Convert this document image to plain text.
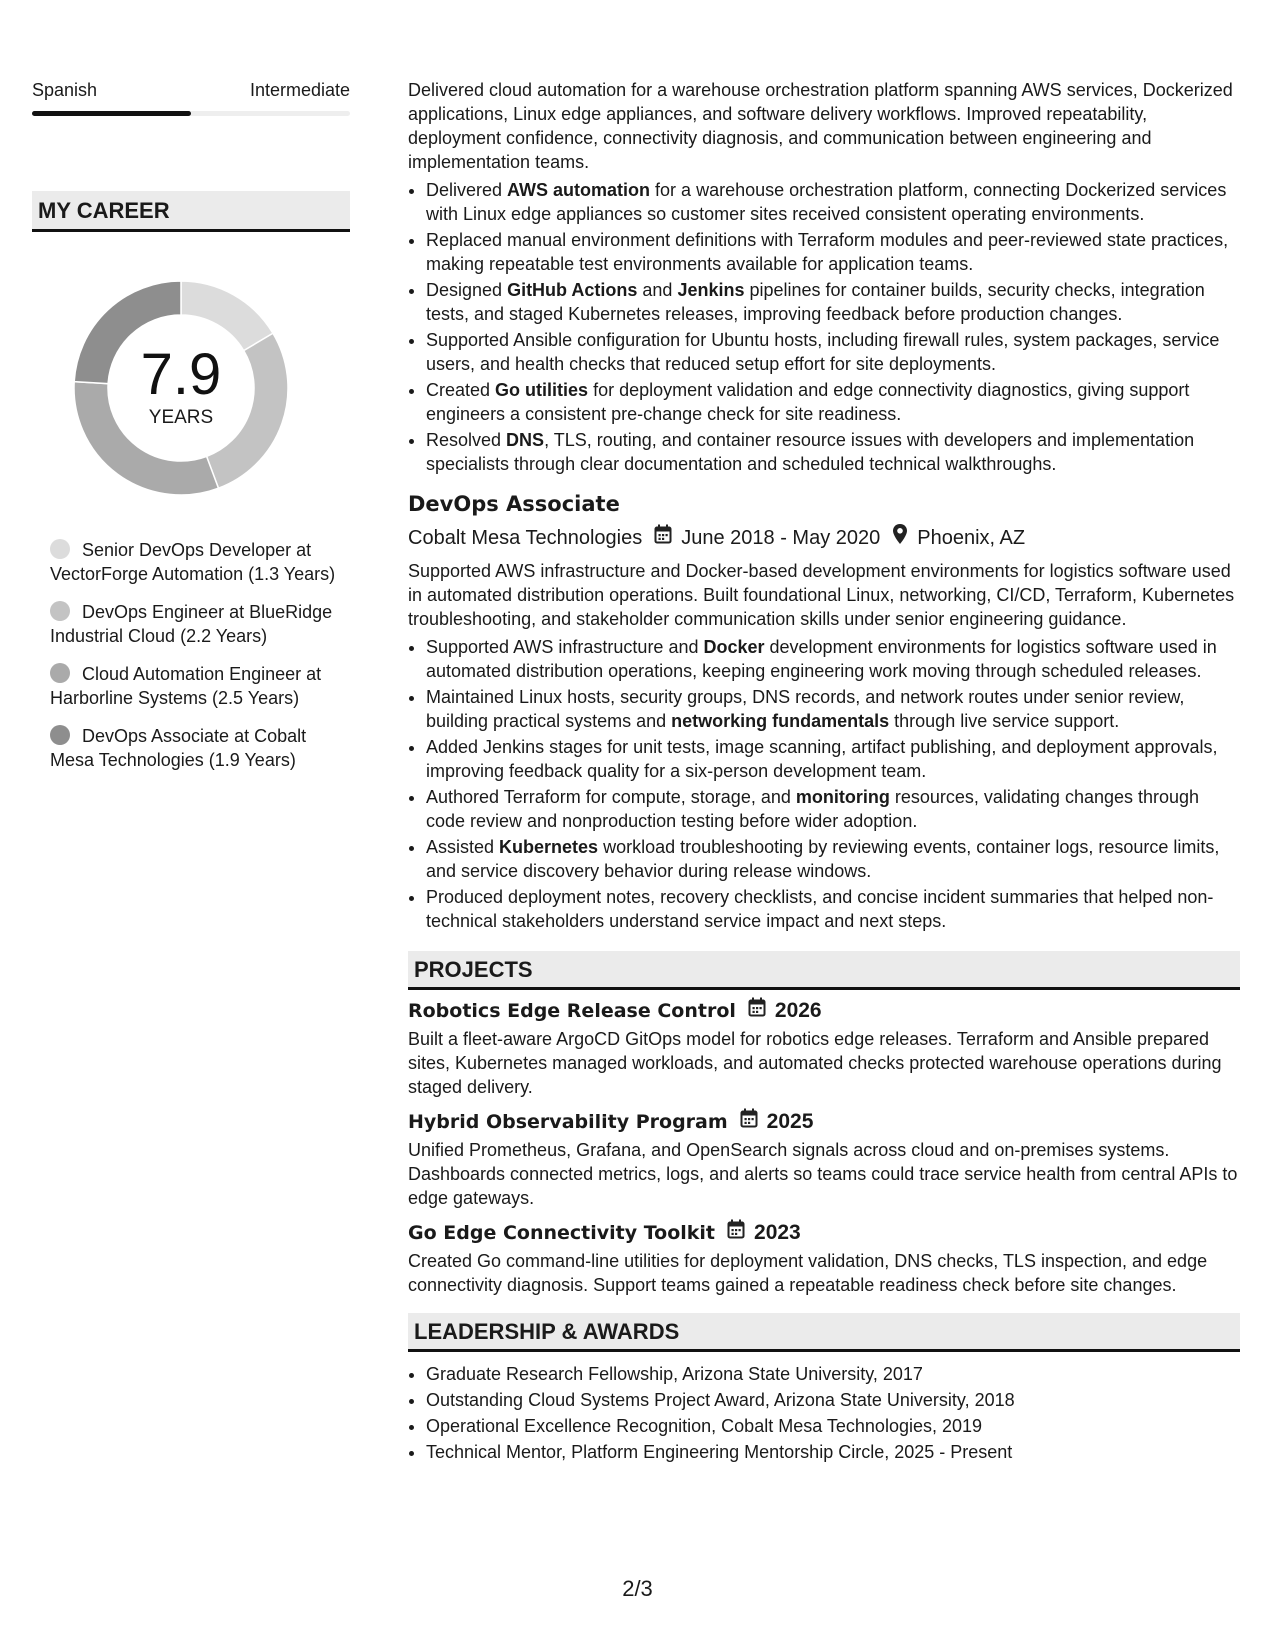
Spanish	Intermediate
MY CAREER
7.9
YEARS
Senior DevOps Developer at VectorForge Automation (1.3 Years)
DevOps Engineer at BlueRidge Industrial Cloud (2.2 Years)
Cloud Automation Engineer at Harborline Systems (2.5 Years)
DevOps Associate at Cobalt Mesa Technologies (1.9 Years)

Delivered cloud automation for a warehouse orchestration platform spanning AWS services, Dockerized applications, Linux edge appliances, and software delivery workflows. Improved repeatability, deployment confidence, connectivity diagnosis, and communication between engineering and implementation teams.

• Delivered AWS automation for a warehouse orchestration platform, connecting Dockerized services with Linux edge appliances so customer sites received consistent operating environments.
• Replaced manual environment definitions with Terraform modules and peer-reviewed state practices, making repeatable test environments available for application teams.
• Designed GitHub Actions and Jenkins pipelines for container builds, security checks, integration tests, and staged Kubernetes releases, improving feedback before production changes.
• Supported Ansible configuration for Ubuntu hosts, including firewall rules, system packages, service users, and health checks that reduced setup effort for site deployments.
• Created Go utilities for deployment validation and edge connectivity diagnostics, giving support engineers a consistent pre-change check for site readiness.
• Resolved DNS, TLS, routing, and container resource issues with developers and implementation specialists through clear documentation and scheduled technical walkthroughs.
DevOps Associate
Cobalt Mesa Technologies June 2018 - May 2020 Phoenix, AZ

Supported AWS infrastructure and Docker-based development environments for logistics software used in automated distribution operations. Built foundational Linux, networking, CI/CD, Terraform, Kubernetes troubleshooting, and stakeholder communication skills under senior engineering guidance.

• Supported AWS infrastructure and Docker development environments for logistics software used in automated distribution operations, keeping engineering work moving through scheduled releases.
• Maintained Linux hosts, security groups, DNS records, and network routes under senior review, building practical systems and networking fundamentals through live service support.
• Added Jenkins stages for unit tests, image scanning, artifact publishing, and deployment approvals, improving feedback quality for a six-person development team.
• Authored Terraform for compute, storage, and monitoring resources, validating changes through code review and nonproduction testing before wider adoption.
• Assisted Kubernetes workload troubleshooting by reviewing events, container logs, resource limits, and service discovery behavior during release windows.
• Produced deployment notes, recovery checklists, and concise incident summaries that helped non-technical stakeholders understand service impact and next steps.
PROJECTS
Robotics Edge Release Control 2026

Built a fleet-aware ArgoCD GitOps model for robotics edge releases. Terraform and Ansible prepared sites, Kubernetes managed workloads, and automated checks protected warehouse operations during staged delivery.

Hybrid Observability Program 2025

Unified Prometheus, Grafana, and OpenSearch signals across cloud and on-premises systems. Dashboards connected metrics, logs, and alerts so teams could trace service health from central APIs to edge gateways.

Go Edge Connectivity Toolkit 2023

Created Go command-line utilities for deployment validation, DNS checks, TLS inspection, and edge connectivity diagnosis. Support teams gained a repeatable readiness check before site changes.

LEADERSHIP & AWARDS
• Graduate Research Fellowship, Arizona State University, 2017
• Outstanding Cloud Systems Project Award, Arizona State University, 2018
• Operational Excellence Recognition, Cobalt Mesa Technologies, 2019
• Technical Mentor, Platform Engineering Mentorship Circle, 2025 - Present
2/3
